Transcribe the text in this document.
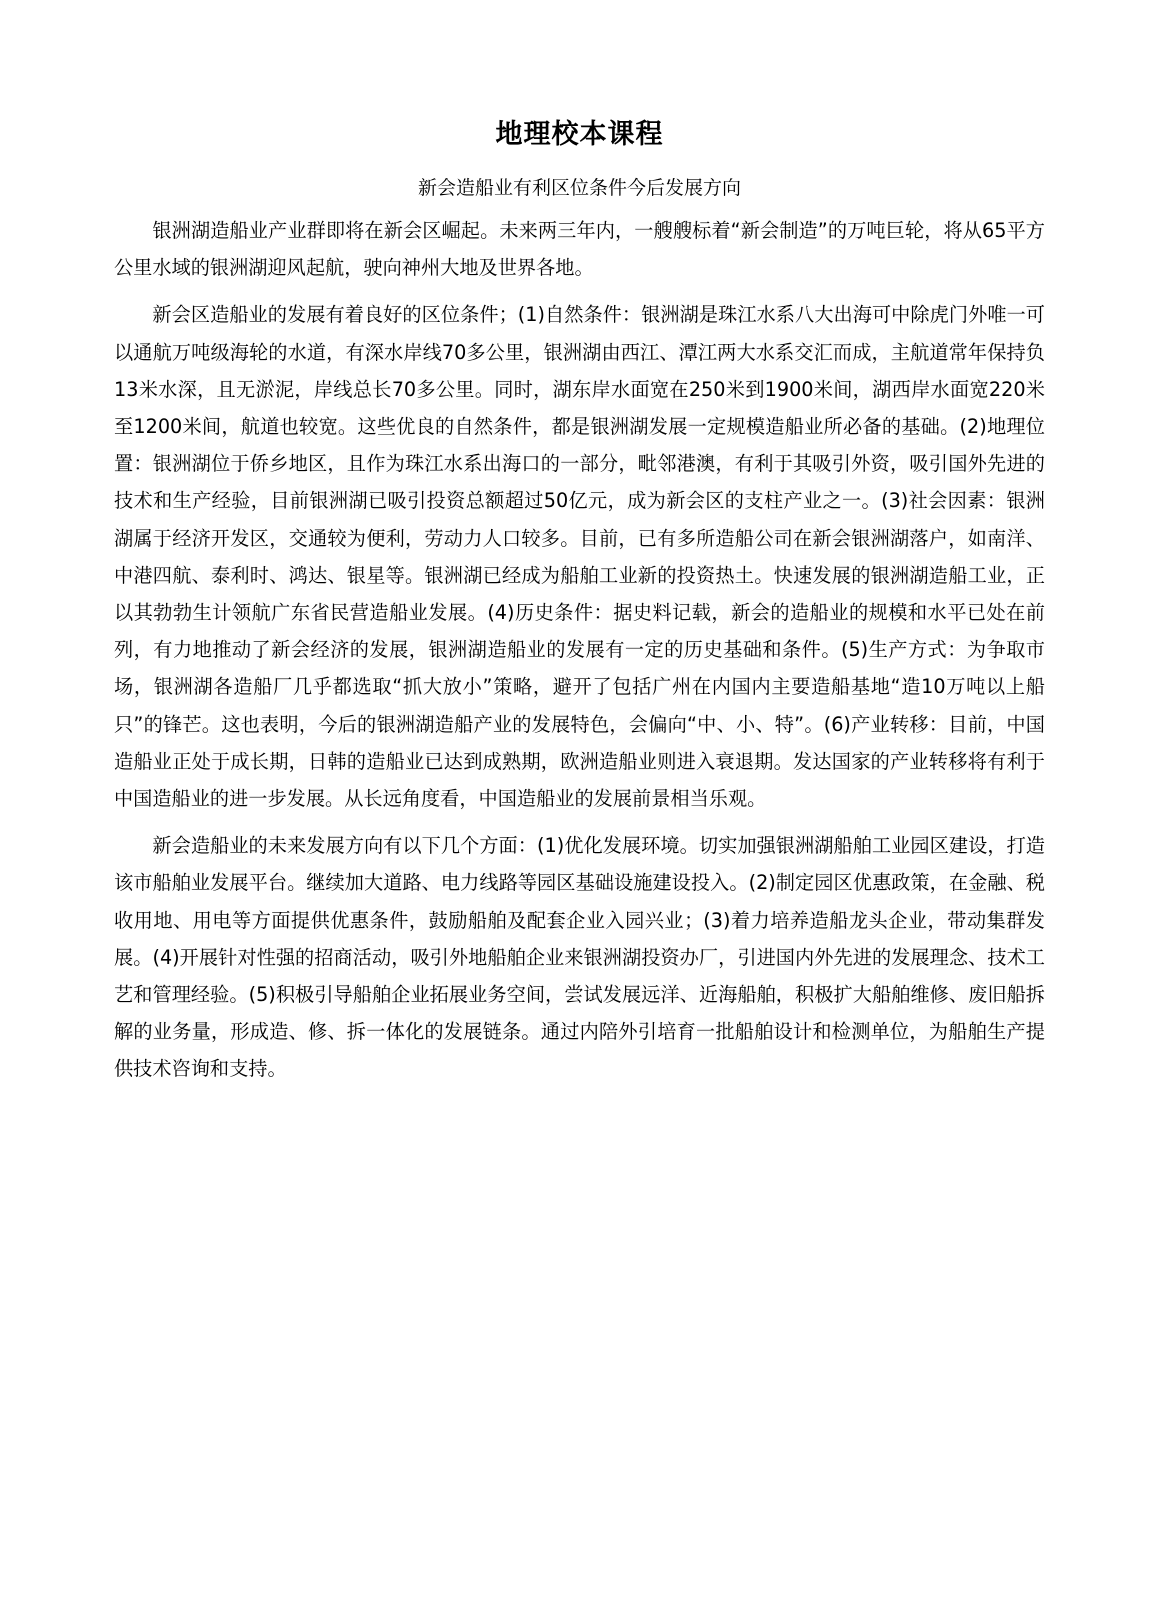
地理校本课程
新会造船业有利区位条件今后发展方向

银洲湖造船业产业群即将在新会区崛起。未来两三年内，一艘艘标着“新会制造”的万吨巨轮，将从65平方公里水域的银洲湖迎风起航，驶向神州大地及世界各地。

新会区造船业的发展有着良好的区位条件；(1)自然条件：银洲湖是珠江水系八大出海可中除虎门外唯一可以通航万吨级海轮的水道，有深水岸线70多公里，银洲湖由西江、潭江两大水系交汇而成，主航道常年保持负13米水深，且无淤泥，岸线总长70多公里。同时，湖东岸水面宽在250米到1900米间，湖西岸水面宽220米至1200米间，航道也较宽。这些优良的自然条件，都是银洲湖发展一定规模造船业所必备的基础。(2)地理位置：银洲湖位于侨乡地区，且作为珠江水系出海口的一部分，毗邻港澳，有利于其吸引外资，吸引国外先进的技术和生产经验，目前银洲湖已吸引投资总额超过50亿元，成为新会区的支柱产业之一。(3)社会因素：银洲湖属于经济开发区，交通较为便利，劳动力人口较多。目前，已有多所造船公司在新会银洲湖落户，如南洋、中港四航、泰利时、鸿达、银星等。银洲湖已经成为船舶工业新的投资热土。快速发展的银洲湖造船工业，正以其勃勃生计领航广东省民营造船业发展。(4)历史条件：据史料记载，新会的造船业的规模和水平已处在前列，有力地推动了新会经济的发展，银洲湖造船业的发展有一定的历史基础和条件。(5)生产方式：为争取市场，银洲湖各造船厂几乎都选取“抓大放小”策略，避开了包括广州在内国内主要造船基地“造10万吨以上船只”的锋芒。这也表明，今后的银洲湖造船产业的发展特色，会偏向“中、小、特”。(6)产业转移：目前，中国造船业正处于成长期，日韩的造船业已达到成熟期，欧洲造船业则进入衰退期。发达国家的产业转移将有利于中国造船业的进一步发展。从长远角度看，中国造船业的发展前景相当乐观。

新会造船业的未来发展方向有以下几个方面：(1)优化发展环境。切实加强银洲湖船舶工业园区建设，打造该市船舶业发展平台。继续加大道路、电力线路等园区基础设施建设投入。(2)制定园区优惠政策，在金融、税收用地、用电等方面提供优惠条件，鼓励船舶及配套企业入园兴业；(3)着力培养造船龙头企业，带动集群发展。(4)开展针对性强的招商活动，吸引外地船舶企业来银洲湖投资办厂，引进国内外先进的发展理念、技术工艺和管理经验。(5)积极引导船舶企业拓展业务空间，尝试发展远洋、近海船舶，积极扩大船舶维修、废旧船拆解的业务量，形成造、修、拆一体化的发展链条。通过内陪外引培育一批船舶设计和检测单位，为船舶生产提供技术咨询和支持。
